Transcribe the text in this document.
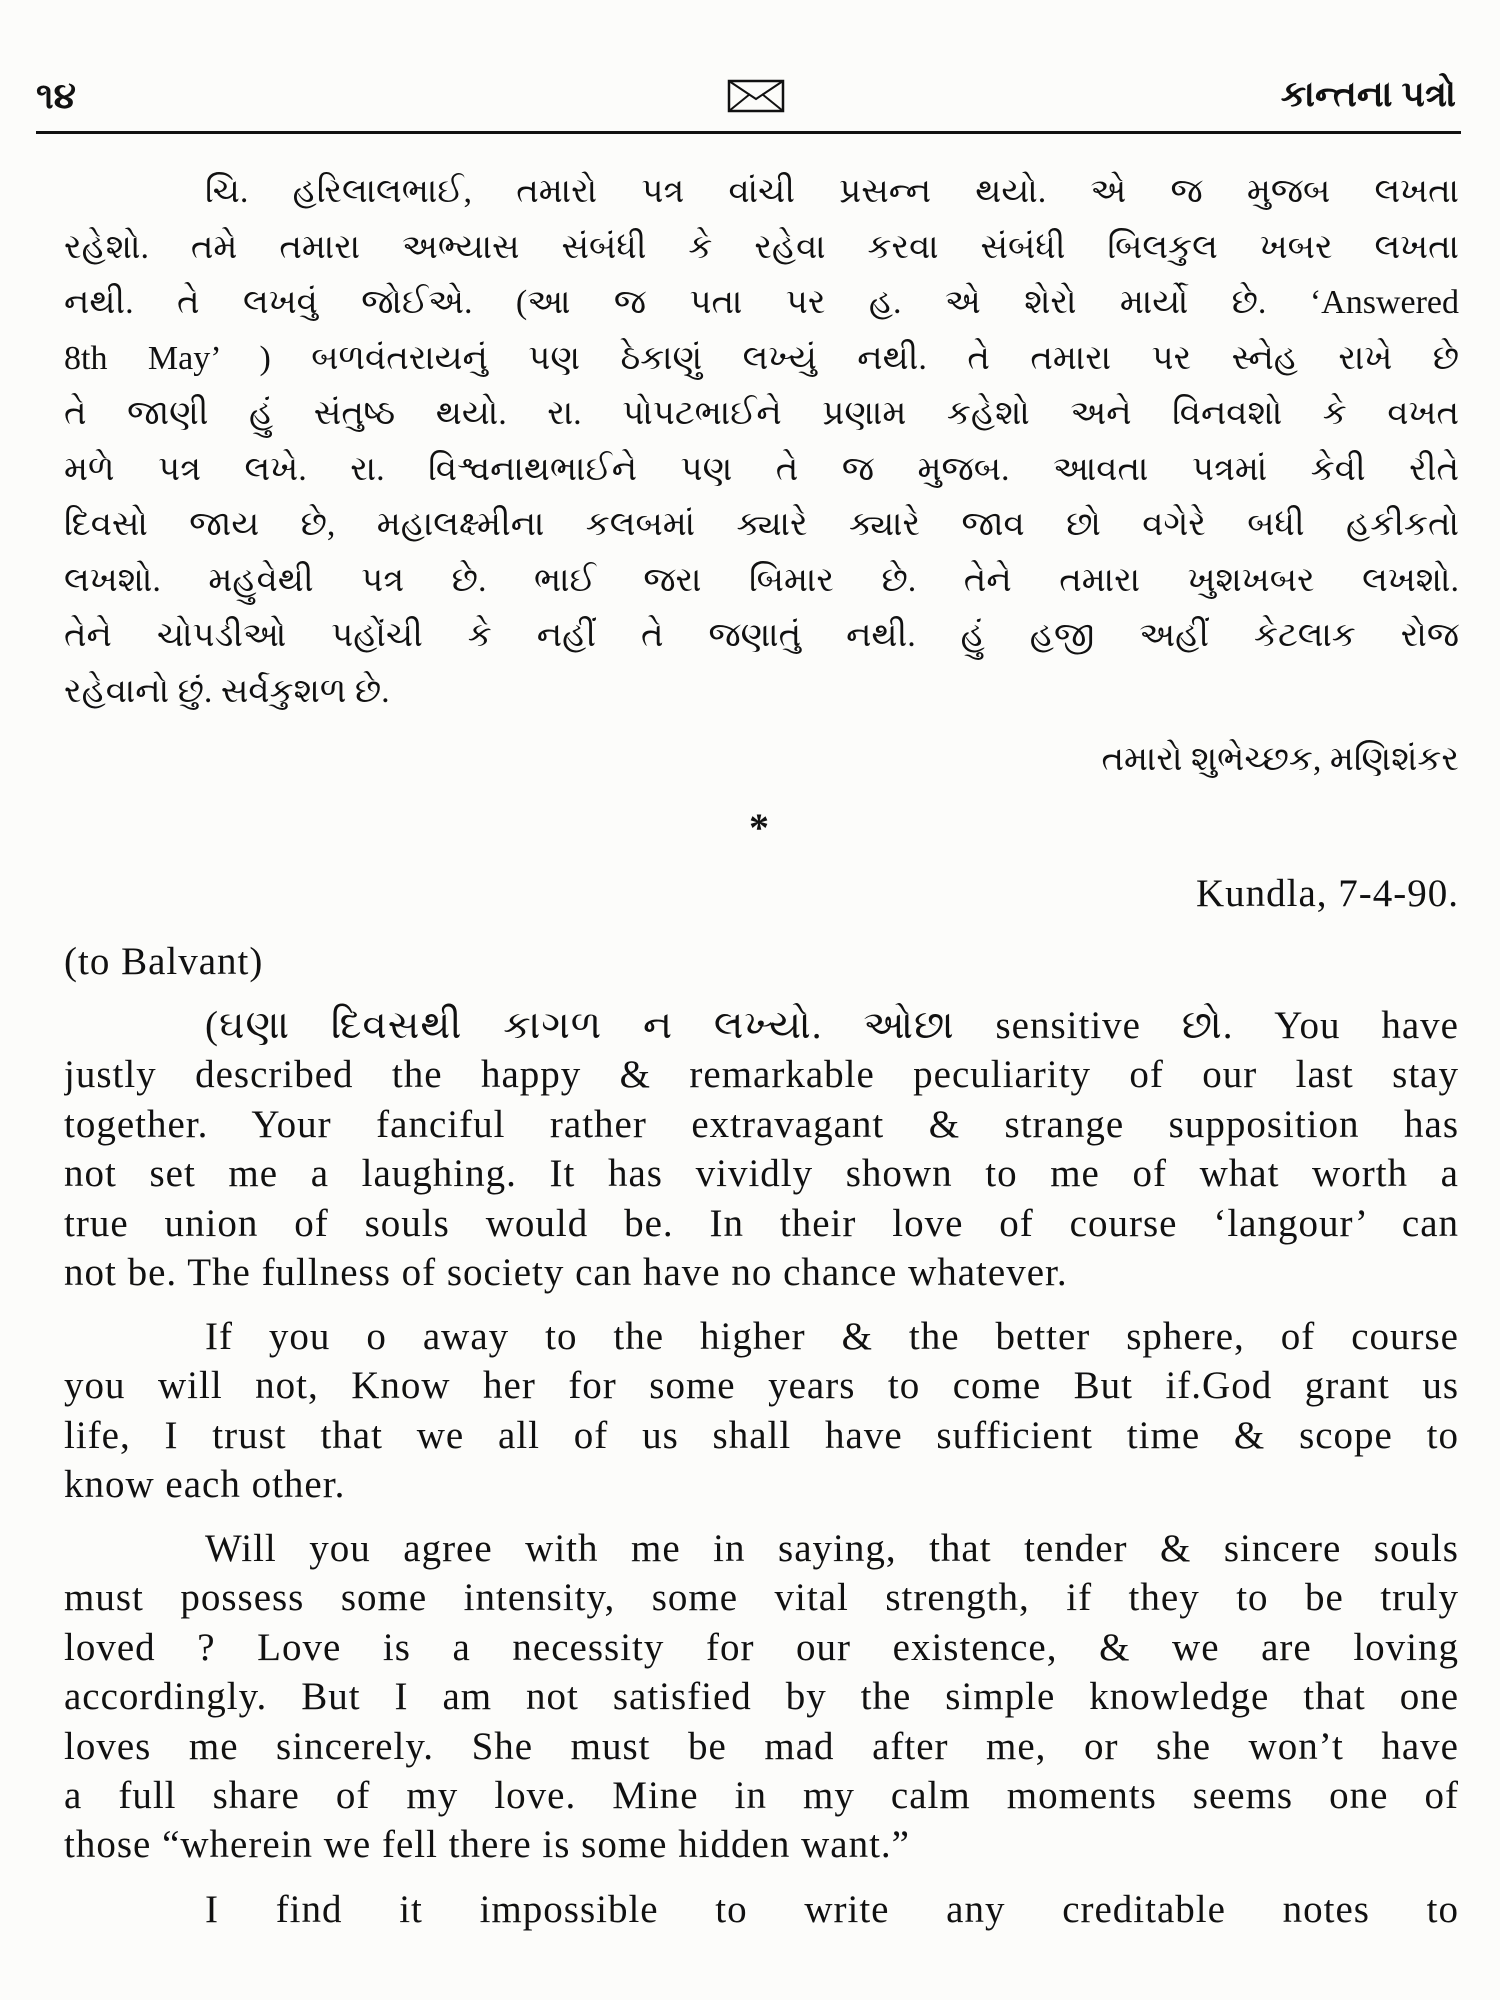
૧૪	કાન્તના પત્રો
ચિ. હરિલાલભાઈ, તમારો પત્ર વાંચી પ્રસન્ન થયો. એ જ મુજબ લખતા
રહેશો. તમે તમારા અભ્યાસ સંબંધી કે રહેવા કરવા સંબંધી બિલકુલ ખબર લખતા
નથી. તે લખવું જોઈએ. (આ જ પતા પર હ. એ શેરો માર્યો છે. ‘Answered
8th May’ ) બળવંતરાયનું પણ ઠેકાણું લખ્યું નથી. તે તમારા પર સ્નેહ રાખે છે
તે જાણી હું સંતુષ્ઠ થયો. રા. પોપટભાઈને પ્રણામ કહેશો અને વિનવશો કે વખત
મળે પત્ર લખે. રા. વિશ્વનાથભાઈને પણ તે જ મુજબ. આવતા પત્રમાં કેવી રીતે
દિવસો જાય છે, મહાલક્ષ્મીના કલબમાં ક્યારે ક્યારે જાવ છો વગેરે બધી હકીકતો
લખશો. મહુવેથી પત્ર છે. ભાઈ જરા બિમાર છે. તેને તમારા ખુશખબર લખશો.
તેને ચોપડીઓ પહોંચી કે નહીં તે જણાતું નથી. હું હજી અહીં કેટલાક રોજ
રહેવાનો છું. સર્વકુશળ છે.
તમારો શુભેચ્છક, મણિશંકર
*
Kundla, 7-4-90.
(to Balvant)
(ઘણા દિવસથી કાગળ ન લખ્યો. ઓછા sensitive છો. You have
justly described the happy & remarkable peculiarity of our last stay
together. Your fanciful rather extravagant & strange supposition has
not set me a laughing. It has vividly shown to me of what worth a
true union of souls would be. In their love of course ‘langour’ can
not be. The fullness of society can have no chance whatever.
If you o away to the higher & the better sphere, of course
you will not, Know her for some years to come But if.God grant us
life, I trust that we all of us shall have sufficient time & scope to
know each other.
Will you agree with me in saying, that tender & sincere souls
must possess some intensity, some vital strength, if they to be truly
loved ? Love is a necessity for our existence, & we are loving
accordingly. But I am not satisfied by the simple knowledge that one
loves me sincerely. She must be mad after me, or she won’t have
a full share of my love. Mine in my calm moments seems one of
those “wherein we fell there is some hidden want.”
I find it impossible to write any creditable notes to
